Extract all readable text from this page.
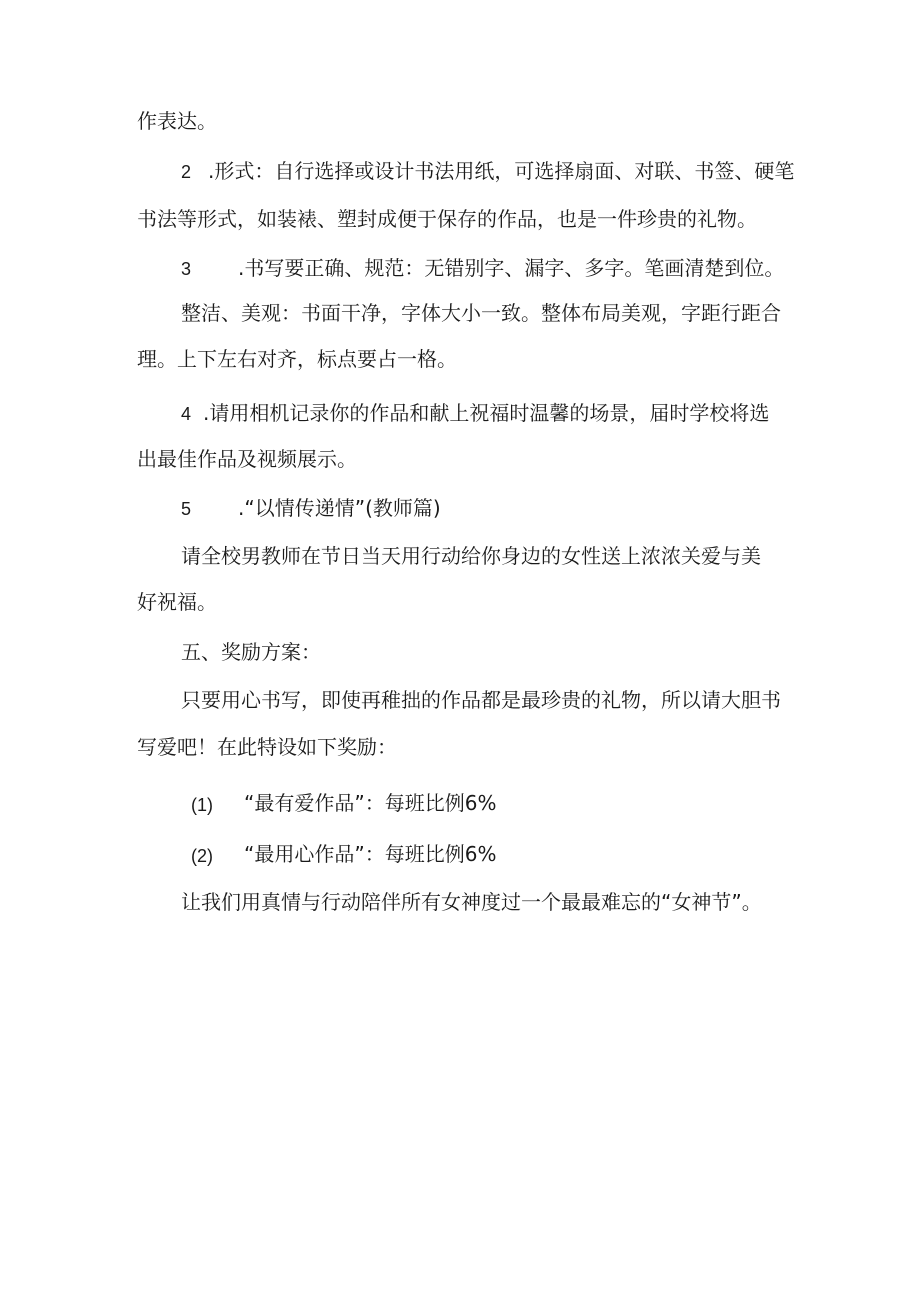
作表达。

2 .形式：自行选择或设计书法用纸，可选择扇面、对联、书签、硬笔

书法等形式，如装裱、塑封成便于保存的作品，也是一件珍贵的礼物。

3 .书写要正确、规范：无错别字、漏字、多字。笔画清楚到位。

整洁、美观：书面干净，字体大小一致。整体布局美观，字距行距合

理。上下左右对齐，标点要占一格。

4 .请用相机记录你的作品和献上祝福时温馨的场景，届时学校将选

出最佳作品及视频展示。

5 .“以情传递情”(教师篇)

请全校男教师在节日当天用行动给你身边的女性送上浓浓关爱与美

好祝福。

五、奖励方案：

只要用心书写，即使再稚拙的作品都是最珍贵的礼物，所以请大胆书

写爱吧！在此特设如下奖励：

(1) “最有爱作品”：每班比例6%

(2) “最用心作品”：每班比例6%

让我们用真情与行动陪伴所有女神度过一个最最难忘的“女神节”。
